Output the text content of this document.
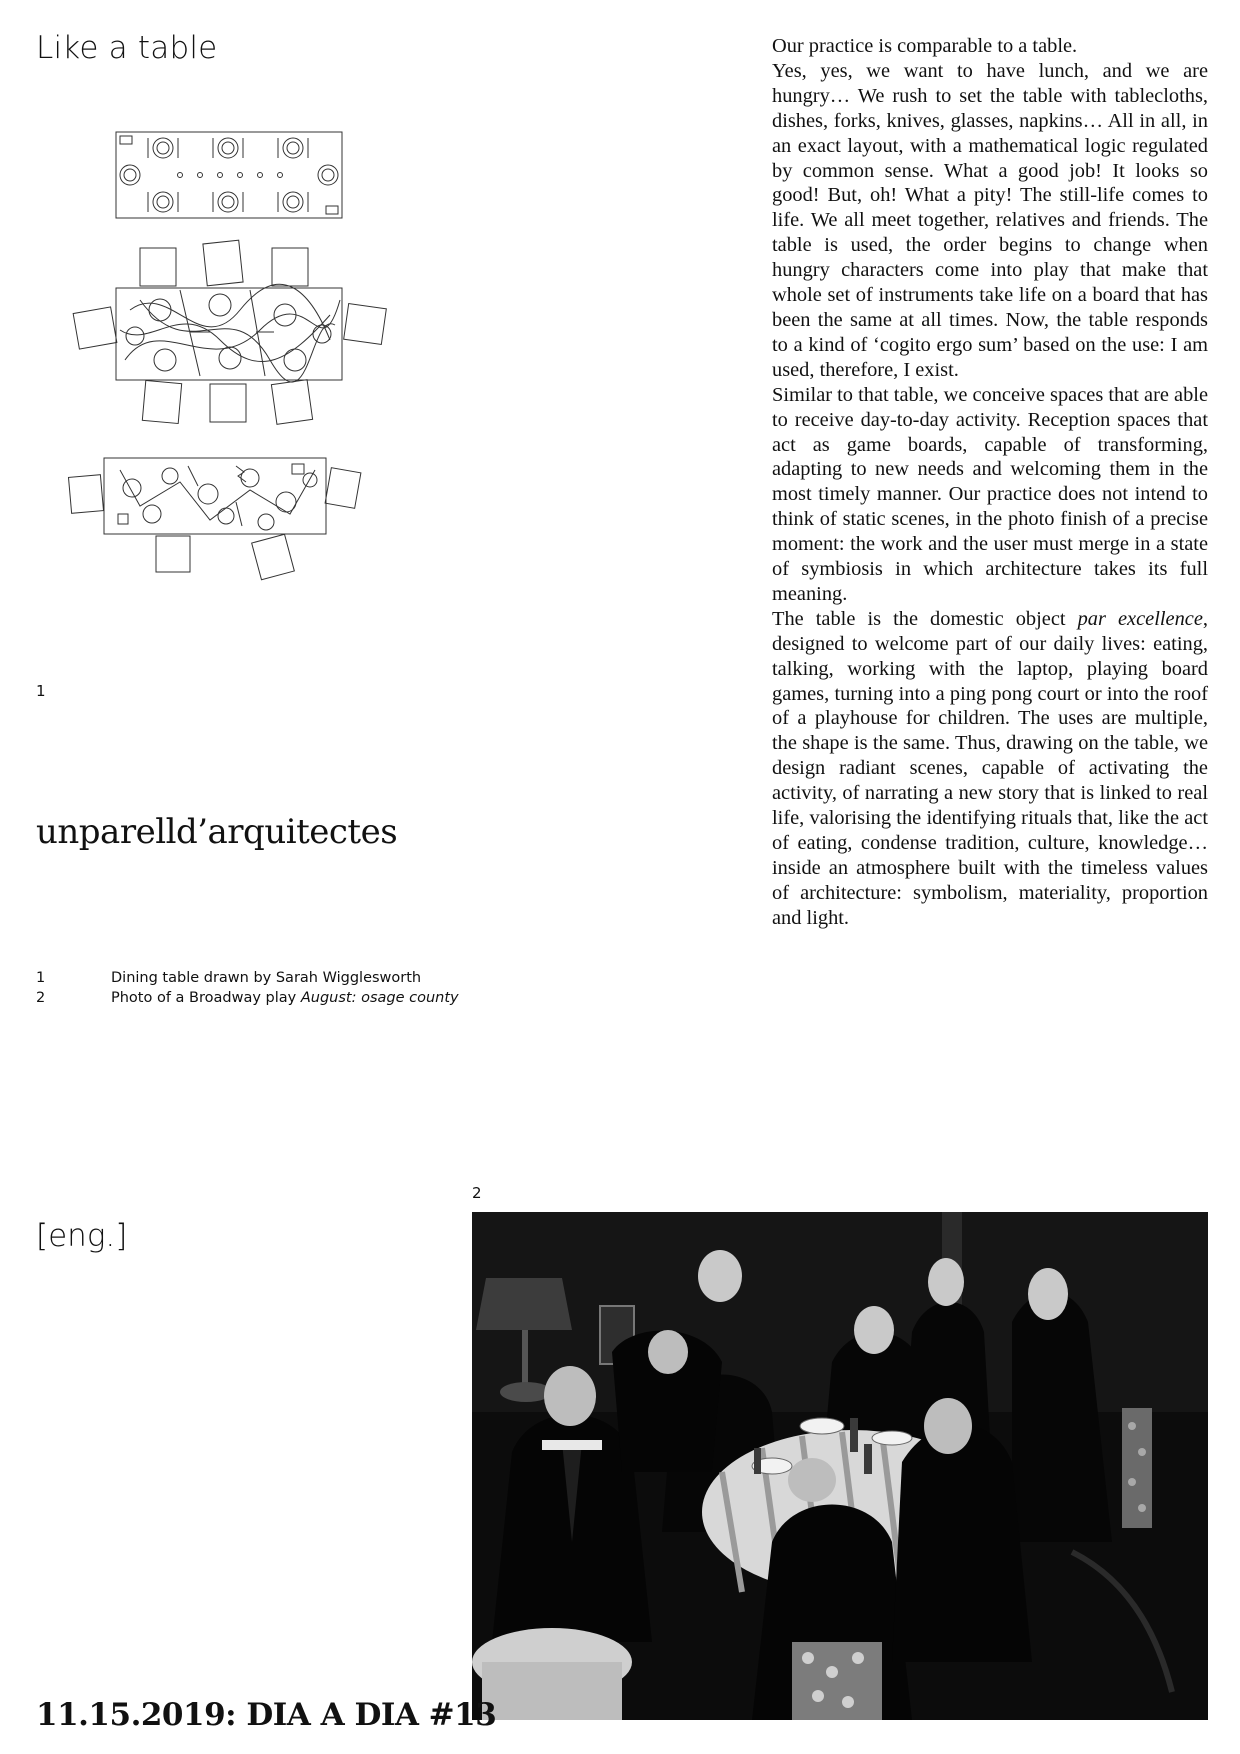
Like a table
1
unparelld’arquitectes
1	Dining table drawn by Sarah Wigglesworth
2	Photo of a Broadway play August: osage county

Our practice is comparable to a table.

Yes, yes, we want to have lunch, and we are hungry… We rush to set the table with tablecloths, dishes, forks, knives, glasses, napkins… All in all, in an exact layout, with a mathematical logic regulated by common sense. What a good job! It looks so good! But, oh! What a pity! The still-life comes to life. We all meet together, relatives and friends. The table is used, the order begins to change when hungry characters come into play that make that whole set of instruments take life on a board that has been the same at all times. Now, the table responds to a kind of ‘cogito ergo sum’ based on the use: I am used, therefore, I exist.

Similar to that table, we conceive spaces that are able to receive day-to-day activity. Reception spaces that act as game boards, capable of transforming, adapting to new needs and welcoming them in the most timely manner. Our practice does not intend to think of static scenes, in the photo finish of a precise moment: the work and the user must merge in a state of symbiosis in which architecture takes its full meaning.

The table is the domestic object par excellence, designed to welcome part of our daily lives: eating, talking, working with the laptop, playing board games, turning into a ping pong court or into the roof of a playhouse for children. The uses are multiple, the shape is the same. Thus, drawing on the table, we design radiant scenes, capable of activating the activity, of narrating a new story that is linked to real life, valorising the identifying rituals that, like the act of eating, condense tradition, culture, knowledge… inside an atmosphere built with the timeless values of architecture: symbolism, materiality, proportion and light.

[eng.]
2
11.15.2019: DIA A DIA #13
